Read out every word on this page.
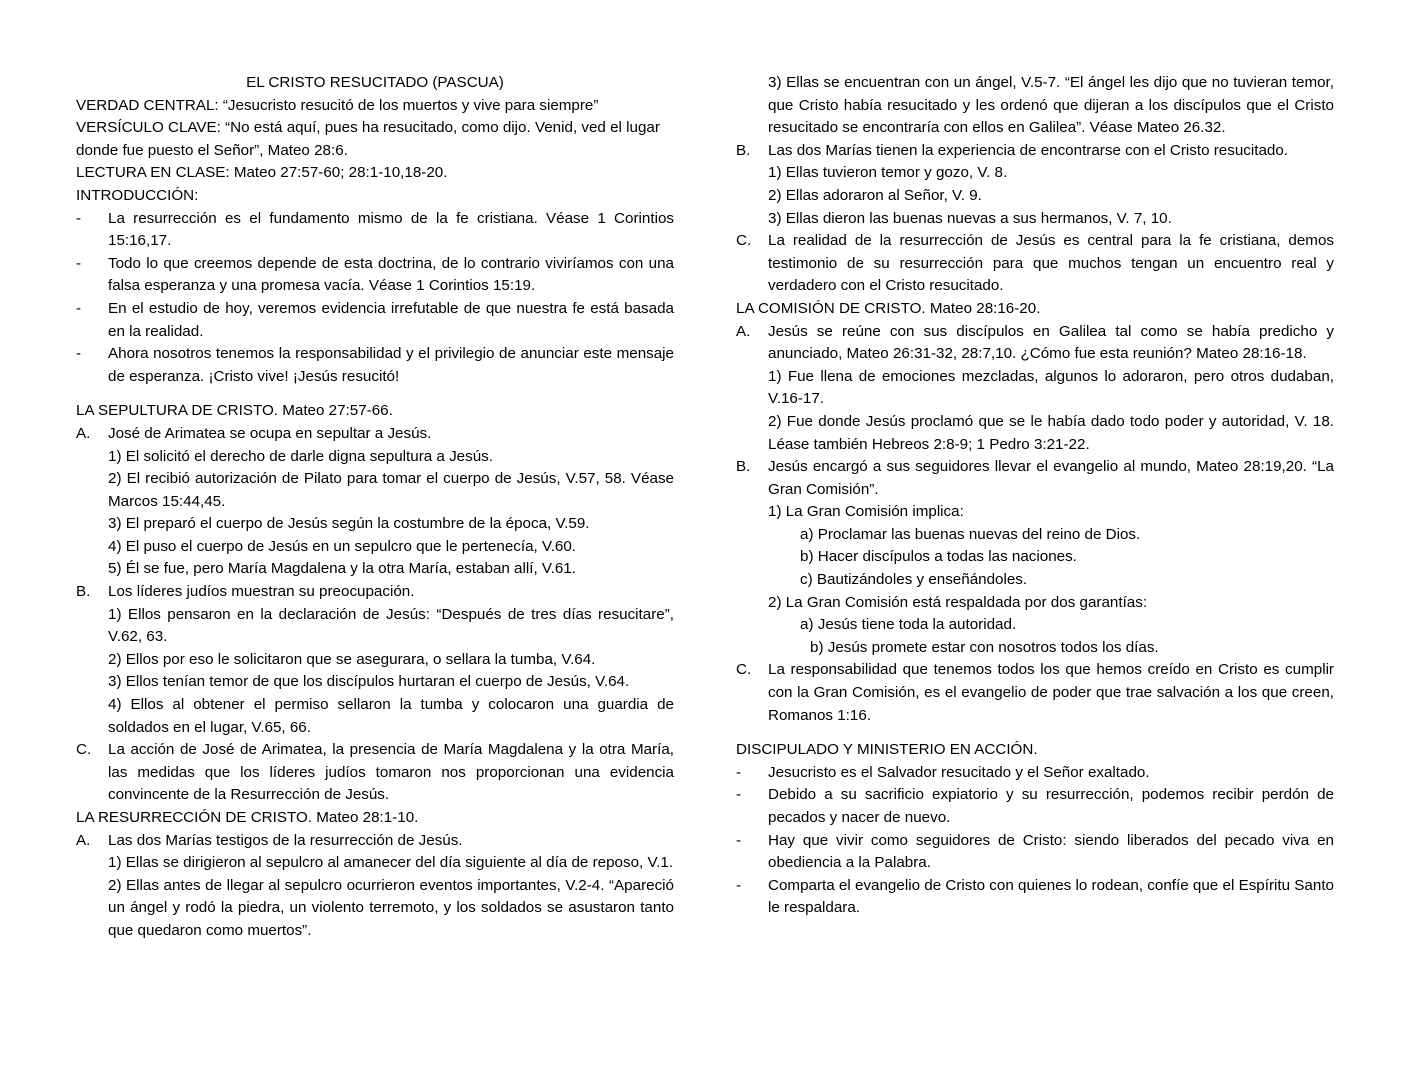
EL CRISTO RESUCITADO (PASCUA)

VERDAD CENTRAL: “Jesucristo resucitó de los muertos y vive para siempre”

VERSÍCULO CLAVE: “No está aquí, pues ha resucitado, como dijo. Venid, ved el lugar donde fue puesto el Señor”, Mateo 28:6.

LECTURA EN CLASE: Mateo 27:57-60; 28:1-10,18-20.

INTRODUCCIÓN:

-	La resurrección es el fundamento mismo de la fe cristiana. Véase 1 Corintios 15:16,17.
-	Todo lo que creemos depende de esta doctrina, de lo contrario viviríamos con una falsa esperanza y una promesa vacía. Véase 1 Corintios 15:19.
-	En el estudio de hoy, veremos evidencia irrefutable de que nuestra fe está basada en la realidad.
-	Ahora nosotros tenemos la responsabilidad y el privilegio de anunciar este mensaje de esperanza. ¡Cristo vive! ¡Jesús resucitó!

LA SEPULTURA DE CRISTO. Mateo 27:57-66.

A.	José de Arimatea se ocupa en sepultar a Jesús.

1) El solicitó el derecho de darle digna sepultura a Jesús.

2) El recibió autorización de Pilato para tomar el cuerpo de Jesús, V.57, 58. Véase Marcos 15:44,45.

3) El preparó el cuerpo de Jesús según la costumbre de la época, V.59.

4) El puso el cuerpo de Jesús en un sepulcro que le pertenecía, V.60.

5) Él se fue, pero María Magdalena y la otra María, estaban allí, V.61.

B.	Los líderes judíos muestran su preocupación.

1) Ellos pensaron en la declaración de Jesús: “Después de tres días resucitare”, V.62, 63.

2) Ellos por eso le solicitaron que se asegurara, o sellara la tumba, V.64.

3) Ellos tenían temor de que los discípulos hurtaran el cuerpo de Jesús, V.64.

4) Ellos al obtener el permiso sellaron la tumba y colocaron una guardia de soldados en el lugar, V.65, 66.

C.	La acción de José de Arimatea, la presencia de María Magdalena y la otra María, las medidas que los líderes judíos tomaron nos proporcionan una evidencia convincente de la Resurrección de Jesús.

LA RESURRECCIÓN DE CRISTO. Mateo 28:1-10.

A.	Las dos Marías testigos de la resurrección de Jesús.

1) Ellas se dirigieron al sepulcro al amanecer del día siguiente al día de reposo, V.1.

2) Ellas antes de llegar al sepulcro ocurrieron eventos importantes, V.2-4. “Apareció un ángel y rodó la piedra, un violento terremoto, y los soldados se asustaron tanto que quedaron como muertos”.

3) Ellas se encuentran con un ángel, V.5-7. “El ángel les dijo que no tuvieran temor, que Cristo había resucitado y les ordenó que dijeran a los discípulos que el Cristo resucitado se encontraría con ellos en Galilea”. Véase Mateo 26.32.

B.	Las dos Marías tienen la experiencia de encontrarse con el Cristo resucitado.

1) Ellas tuvieron temor y gozo, V. 8.

2) Ellas adoraron al Señor, V. 9.

3) Ellas dieron las buenas nuevas a sus hermanos, V. 7, 10.

C.	La realidad de la resurrección de Jesús es central para la fe cristiana, demos testimonio de su resurrección para que muchos tengan un encuentro real y verdadero con el Cristo resucitado.

LA COMISIÓN DE CRISTO. Mateo 28:16-20.

A.	Jesús se reúne con sus discípulos en Galilea tal como se había predicho y anunciado, Mateo 26:31-32, 28:7,10. ¿Cómo fue esta reunión? Mateo 28:16-18.

1) Fue llena de emociones mezcladas, algunos lo adoraron, pero otros dudaban, V.16-17.

2) Fue donde Jesús proclamó que se le había dado todo poder y autoridad, V. 18. Léase también Hebreos 2:8-9; 1 Pedro 3:21-22.

B.	Jesús encargó a sus seguidores llevar el evangelio al mundo, Mateo 28:19,20. “La Gran Comisión”.

1) La Gran Comisión implica:

a) Proclamar las buenas nuevas del reino de Dios.

b) Hacer discípulos a todas las naciones.

c) Bautizándoles y enseñándoles.

2) La Gran Comisión está respaldada por dos garantías:

a) Jesús tiene toda la autoridad.

b) Jesús promete estar con nosotros todos los días.

C.	La responsabilidad que tenemos todos los que hemos creído en Cristo es cumplir con la Gran Comisión, es el evangelio de poder que trae salvación a los que creen, Romanos 1:16.

DISCIPULADO Y MINISTERIO EN ACCIÓN.

-	Jesucristo es el Salvador resucitado y el Señor exaltado.
-	Debido a su sacrificio expiatorio y su resurrección, podemos recibir perdón de pecados y nacer de nuevo.
-	Hay que vivir como seguidores de Cristo: siendo liberados del pecado viva en obediencia a la Palabra.
-	Comparta el evangelio de Cristo con quienes lo rodean, confíe que el Espíritu Santo le respaldara.
